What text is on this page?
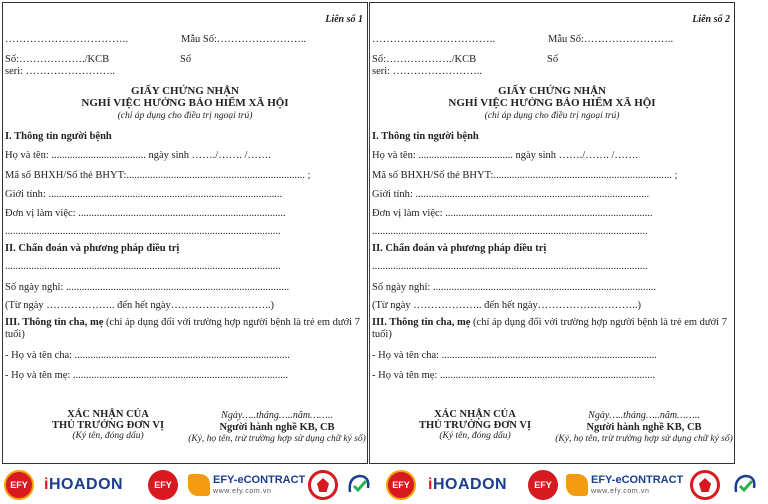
Liên số 1
……………………………..	Mẫu Số:……………………..
Số:………………./KCB	Số
seri: ……………………..
GIẤY CHỨNG NHẬN
NGHỈ VIỆC HƯỞNG BẢO HIỂM XÃ HỘI
(chỉ áp dụng cho điều trị ngoại trú)
I. Thông tin người bệnh
Họ và tên: .................................... ngày sinh ……./……. /…….
Mã số BHXH/Số thẻ BHYT:.................................................................... ;
Giới tính: .........................................................................................
Đơn vị làm việc: ...............................................................................
.........................................................................................................
II. Chẩn đoán và phương pháp điều trị
.........................................................................................................
Số ngày nghỉ: .....................................................................................
(Từ ngày ……………….. đến hết ngày………………………..)
III. Thông tin cha, mẹ (chỉ áp dụng đối với trường hợp người bệnh là trẻ em dưới 7 tuổi)
- Họ và tên cha: ..................................................................................
- Họ và tên mẹ: ..................................................................................
XÁC NHẬN CỦA
THỦ TRƯỞNG ĐƠN VỊ
(Ký tên, đóng dấu)
Ngày…..tháng…..năm……..
Người hành nghề KB, CB
(Ký, họ tên, trừ trường hợp sử dụng chữ ký số)
Liên số 2
……………………………..	Mẫu Số:……………………..
Số:………………./KCB	Số
seri: ……………………..
GIẤY CHỨNG NHẬN
NGHỈ VIỆC HƯỞNG BẢO HIỂM XÃ HỘI
(chỉ áp dụng cho điều trị ngoại trú)
I. Thông tin người bệnh
Họ và tên: .................................... ngày sinh ……./……. /…….
Mã số BHXH/Số thẻ BHYT:.................................................................... ;
Giới tính: .........................................................................................
Đơn vị làm việc: ...............................................................................
.........................................................................................................
II. Chẩn đoán và phương pháp điều trị
.........................................................................................................
Số ngày nghỉ: .....................................................................................
(Từ ngày ……………….. đến hết ngày………………………..)
III. Thông tin cha, mẹ (chỉ áp dụng đối với trường hợp người bệnh là trẻ em dưới 7 tuổi)
- Họ và tên cha: ..................................................................................
- Họ và tên mẹ: ..................................................................................
XÁC NHẬN CỦA
THỦ TRƯỞNG ĐƠN VỊ
(Ký tên, đóng dấu)
Ngày…..tháng…..năm……..
Người hành nghề KB, CB
(Ký, họ tên, trừ trường hợp sử dụng chữ ký số)
EFY	iHOADON	EFY	EFY-eCONTRACT
www.efy.com.vn
EFY	iHOADON	EFY	EFY-eCONTRACT
www.efy.com.vn
